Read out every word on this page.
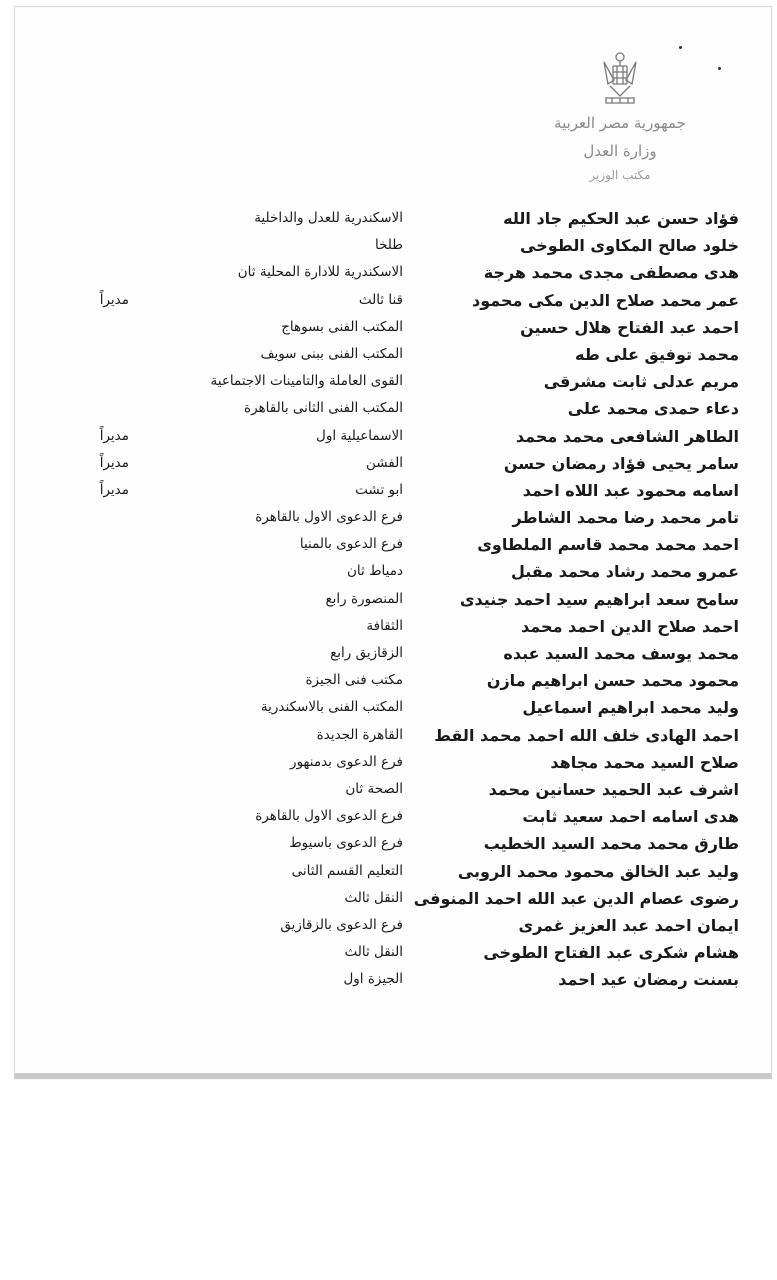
جمهورية مصر العربية
وزارة العدل
مكتب الوزير
فؤاد حسن عبد الحكيم جاد الله
الاسكندرية للعدل والداخلية
خلود صالح المكاوى الطوخى
طلخا
هدى مصطفى مجدى محمد هرجة
الاسكندرية للادارة المحلية ثان
عمر محمد صلاح الدين مكى محمود
قنا ثالث
مديراً
احمد عبد الفتاح هلال حسين
المكتب الفنى بسوهاج
محمد توفيق على طه
المكتب الفنى ببنى سويف
مريم عدلى ثابت مشرقى
القوى العاملة والتامينات الاجتماعية
دعاء حمدى محمد على
المكتب الفنى الثانى بالقاهرة
الطاهر الشافعى محمد محمد
الاسماعيلية اول
مديراً
سامر يحيى فؤاد رمضان حسن
الفشن
مديراً
اسامه محمود عبد اللاه احمد
ابو تشت
مديراً
تامر محمد رضا محمد الشاطر
فرع الدعوى الاول بالقاهرة
احمد محمد محمد قاسم الملطاوى
فرع الدعوى بالمنيا
عمرو محمد رشاد محمد مقبل
دمياط ثان
سامح سعد ابراهيم سيد احمد جنيدى
المنصورة رابع
احمد صلاح الدين احمد محمد
الثقافة
محمد يوسف محمد السيد عبده
الزقازيق رابع
محمود محمد حسن ابراهيم مازن
مكتب فنى الجيزة
وليد محمد ابراهيم اسماعيل
المكتب الفنى بالاسكندرية
احمد الهادى خلف الله احمد محمد القط
القاهرة الجديدة
صلاح السيد محمد مجاهد
فرع الدعوى بدمنهور
اشرف عبد الحميد حسانين محمد
الصحة ثان
هدى اسامه احمد سعيد ثابت
فرع الدعوى الاول بالقاهرة
طارق محمد محمد السيد الخطيب
فرع الدعوى باسيوط
وليد عبد الخالق محمود محمد الروبى
التعليم القسم الثانى
رضوى عصام الدين عبد الله احمد المنوفى
النقل ثالث
ايمان احمد عبد العزيز غمرى
فرع الدعوى بالزقازيق
هشام شكرى عبد الفتاح الطوخى
النقل ثالث
بسنت رمضان عيد احمد
الجيزة اول
